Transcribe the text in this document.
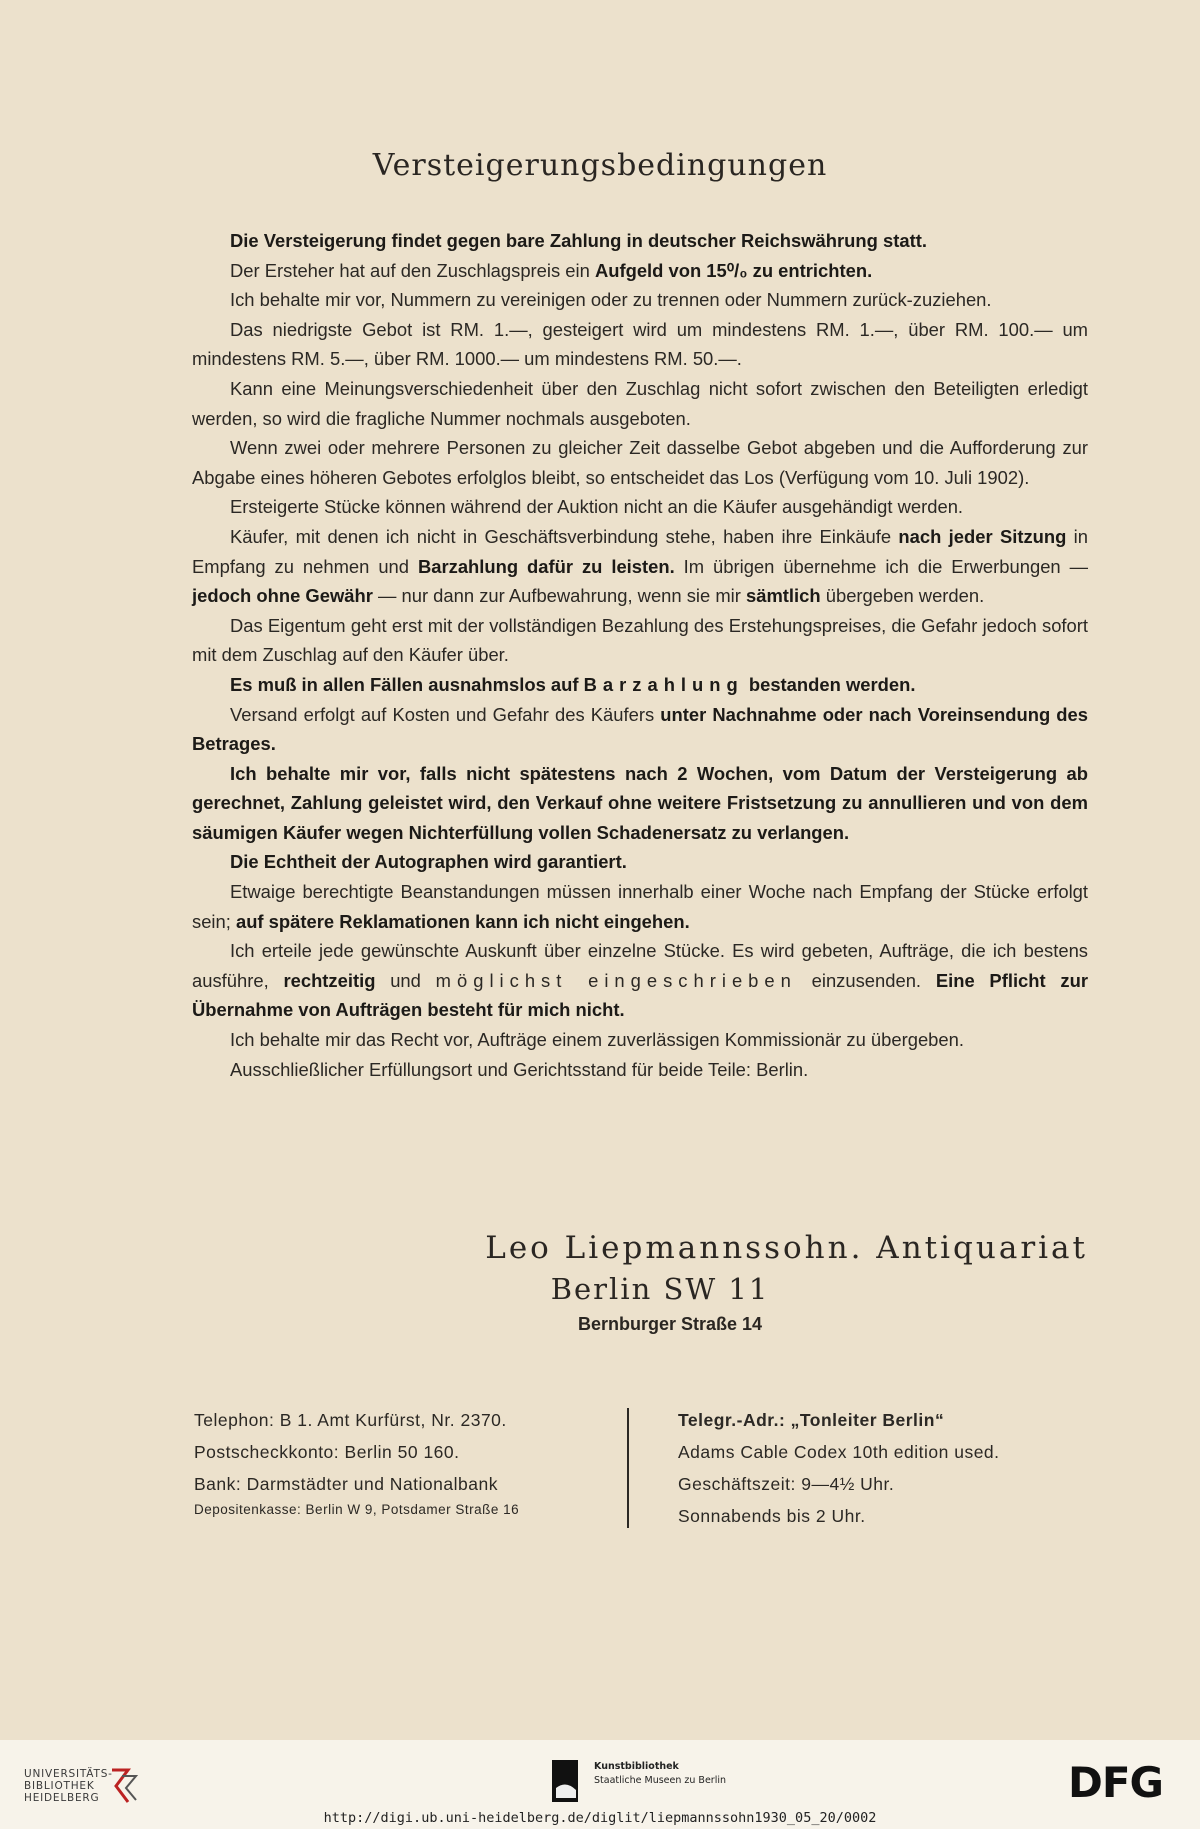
Versteigerungsbedingungen

Die Versteigerung findet gegen bare Zahlung in deutscher Reichswährung statt.

Der Ersteher hat auf den Zuschlagspreis ein Aufgeld von 15⁰/₀ zu entrichten.

Ich behalte mir vor, Nummern zu vereinigen oder zu trennen oder Nummern zurück-zuziehen.

Das niedrigste Gebot ist RM. 1.—, gesteigert wird um mindestens RM. 1.—, über RM. 100.— um mindestens RM. 5.—, über RM. 1000.— um mindestens RM. 50.—.

Kann eine Meinungsverschiedenheit über den Zuschlag nicht sofort zwischen den Beteiligten erledigt werden, so wird die fragliche Nummer nochmals ausgeboten.

Wenn zwei oder mehrere Personen zu gleicher Zeit dasselbe Gebot abgeben und die Aufforderung zur Abgabe eines höheren Gebotes erfolglos bleibt, so entscheidet das Los (Verfügung vom 10. Juli 1902).

Ersteigerte Stücke können während der Auktion nicht an die Käufer ausgehändigt werden.

Käufer, mit denen ich nicht in Geschäftsverbindung stehe, haben ihre Einkäufe nach jeder Sitzung in Empfang zu nehmen und Barzahlung dafür zu leisten. Im übrigen übernehme ich die Erwerbungen — jedoch ohne Gewähr — nur dann zur Aufbewahrung, wenn sie mir sämtlich übergeben werden.

Das Eigentum geht erst mit der vollständigen Bezahlung des Erstehungspreises, die Gefahr jedoch sofort mit dem Zuschlag auf den Käufer über.

Es muß in allen Fällen ausnahmslos auf Barzahlung bestanden werden.

Versand erfolgt auf Kosten und Gefahr des Käufers unter Nachnahme oder nach Voreinsendung des Betrages.

Ich behalte mir vor, falls nicht spätestens nach 2 Wochen, vom Datum der Versteigerung ab gerechnet, Zahlung geleistet wird, den Verkauf ohne weitere Fristsetzung zu annullieren und von dem säumigen Käufer wegen Nichterfüllung vollen Schadenersatz zu verlangen.

Die Echtheit der Autographen wird garantiert.

Etwaige berechtigte Beanstandungen müssen innerhalb einer Woche nach Empfang der Stücke erfolgt sein; auf spätere Reklamationen kann ich nicht eingehen.

Ich erteile jede gewünschte Auskunft über einzelne Stücke. Es wird gebeten, Aufträge, die ich bestens ausführe, rechtzeitig und möglichst eingeschrieben einzusenden. Eine Pflicht zur Übernahme von Aufträgen besteht für mich nicht.

Ich behalte mir das Recht vor, Aufträge einem zuverlässigen Kommissionär zu übergeben.

Ausschließlicher Erfüllungsort und Gerichtsstand für beide Teile: Berlin.

Leo Liepmannssohn. Antiquariat
Berlin SW 11
Bernburger Straße 14
Telephon: B 1. Amt Kurfürst, Nr. 2370.
Postscheckkonto: Berlin 50 160.
Bank: Darmstädter und Nationalbank
Depositenkasse: Berlin W 9, Potsdamer Straße 16
Telegr.-Adr.: „Tonleiter Berlin“
Adams Cable Codex 10th edition used.
Geschäftszeit: 9—4½ Uhr.
Sonnabends bis 2 Uhr.
UNIVERSITÄTS-
BIBLIOTHEK
HEIDELBERG
Kunstbibliothek
Staatliche Museen zu Berlin	DFG
http://digi.ub.uni-heidelberg.de/diglit/liepmannssohn1930_05_20/0002
